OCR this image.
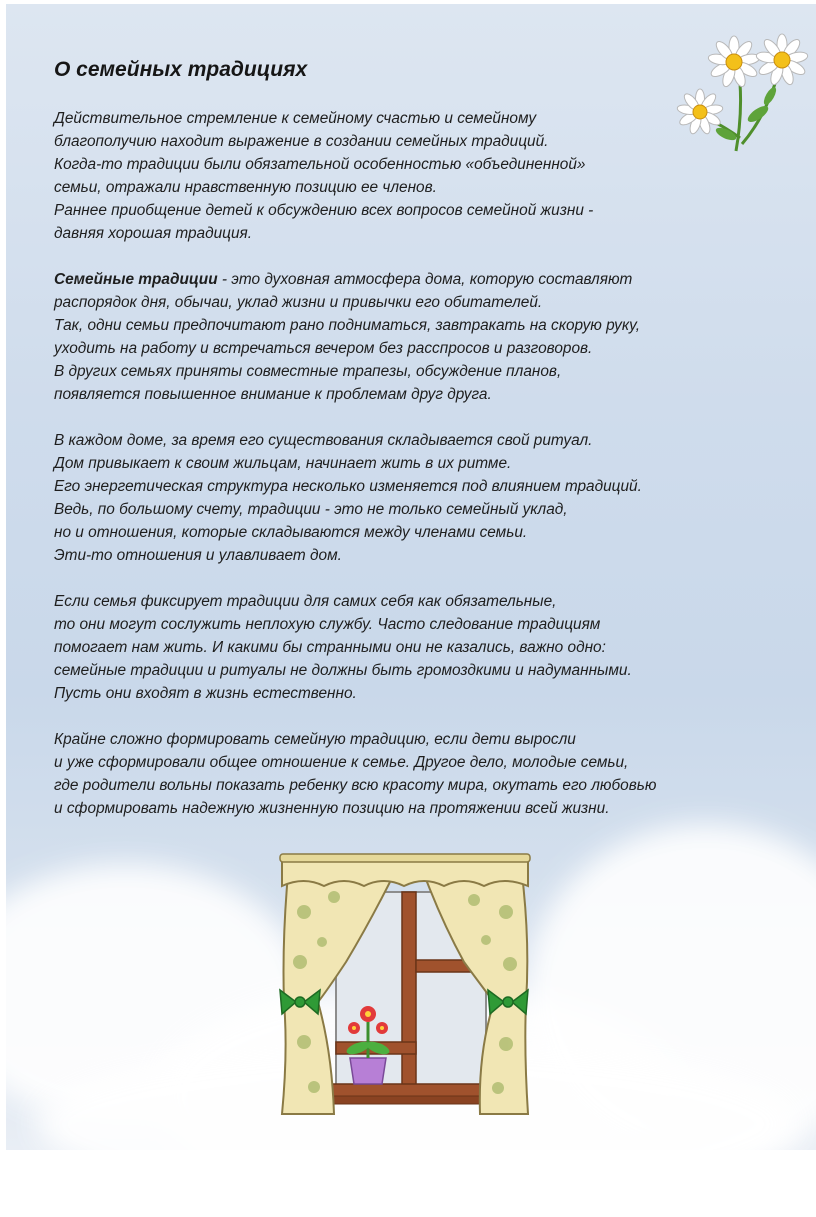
О семейных традициях

Действительное стремление к семейному счастью и семейному
благополучию находит выражение в создании семейных традиций.
Когда-то традиции были обязательной особенностью «объединенной»
семьи, отражали нравственную позицию ее членов.
Раннее приобщение детей к обсуждению всех вопросов семейной жизни -
давняя хорошая традиция.

Семейные традиции - это духовная атмосфера дома, которую составляют
распорядок дня, обычаи, уклад жизни и привычки его обитателей.
Так, одни семьи предпочитают рано подниматься, завтракать на скорую руку,
уходить на работу и встречаться вечером без расспросов и разговоров.
В других семьях приняты совместные трапезы, обсуждение планов,
появляется повышенное внимание к проблемам друг друга.

В каждом доме, за время его существования складывается свой ритуал.
Дом привыкает к своим жильцам, начинает жить в их ритме.
Его энергетическая структура несколько изменяется под влиянием традиций.
Ведь, по большому счету, традиции - это не только семейный уклад,
но и отношения, которые складываются между членами семьи.
Эти-то отношения и улавливает дом.

Если семья фиксирует традиции для самих себя как обязательные,
то они могут сослужить неплохую службу. Часто следование традициям
помогает нам жить. И какими бы странными они не казались, важно одно:
семейные традиции и ритуалы не должны быть громоздкими и надуманными.
Пусть они входят в жизнь естественно.

Крайне сложно формировать семейную традицию, если дети выросли
и уже сформировали общее отношение к семье. Другое дело, молодые семьи,
где родители вольны показать ребенку всю красоту мира, окутать его любовью
и сформировать надежную жизненную позицию на протяжении всей жизни.
